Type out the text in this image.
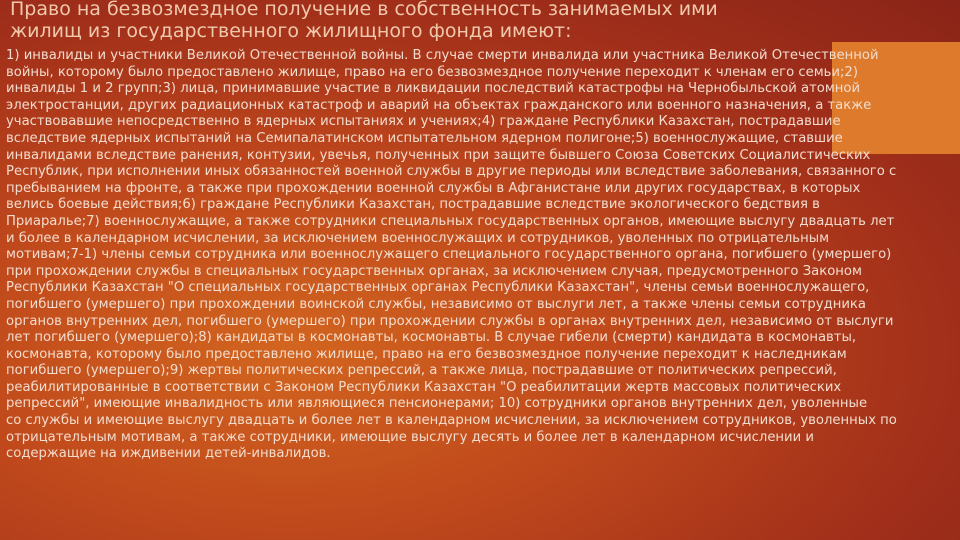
Право на безвозмездное получение в собственность занимаемых ими
жилищ из государственного жилищного фонда имеют:
1) инвалиды и участники Великой Отечественной войны. В случае смерти инвалида или участника Великой Отечественной
войны, которому было предоставлено жилище, право на его безвозмездное получение переходит к членам его семьи;2)
инвалиды 1 и 2 групп;3) лица, принимавшие участие в ликвидации последствий катастрофы на Чернобыльской атомной
электростанции, других радиационных катастроф и аварий на объектах гражданского или военного назначения, а также
участвовавшие непосредственно в ядерных испытаниях и учениях;4) граждане Республики Казахстан, пострадавшие
вследствие ядерных испытаний на Семипалатинском испытательном ядерном полигоне;5) военнослужащие, ставшие
инвалидами вследствие ранения, контузии, увечья, полученных при защите бывшего Союза Советских Социалистических
Республик, при исполнении иных обязанностей военной службы в другие периоды или вследствие заболевания, связанного с
пребыванием на фронте, а также при прохождении военной службы в Афганистане или других государствах, в которых
велись боевые действия;6) граждане Республики Казахстан, пострадавшие вследствие экологического бедствия в
Приаралье;7) военнослужащие, а также сотрудники специальных государственных органов, имеющие выслугу двадцать лет
и более в календарном исчислении, за исключением военнослужащих и сотрудников, уволенных по отрицательным
мотивам;7-1) члены семьи сотрудника или военнослужащего специального государственного органа, погибшего (умершего)
при прохождении службы в специальных государственных органах, за исключением случая, предусмотренного Законом
Республики Казахстан "О специальных государственных органах Республики Казахстан", члены семьи военнослужащего,
погибшего (умершего) при прохождении воинской службы, независимо от выслуги лет, а также члены семьи сотрудника
органов внутренних дел, погибшего (умершего) при прохождении службы в органах внутренних дел, независимо от выслуги
лет погибшего (умершего);8) кандидаты в космонавты, космонавты. В случае гибели (смерти) кандидата в космонавты,
космонавта, которому было предоставлено жилище, право на его безвозмездное получение переходит к наследникам
погибшего (умершего);9) жертвы политических репрессий, а также лица, пострадавшие от политических репрессий,
реабилитированные в соответствии с Законом Республики Казахстан "О реабилитации жертв массовых политических
репрессий", имеющие инвалидность или являющиеся пенсионерами; 10) сотрудники органов внутренних дел, уволенные
со службы и имеющие выслугу двадцать и более лет в календарном исчислении, за исключением сотрудников, уволенных по
отрицательным мотивам, а также сотрудники, имеющие выслугу десять и более лет в календарном исчислении и
содержащие на иждивении детей-инвалидов.
